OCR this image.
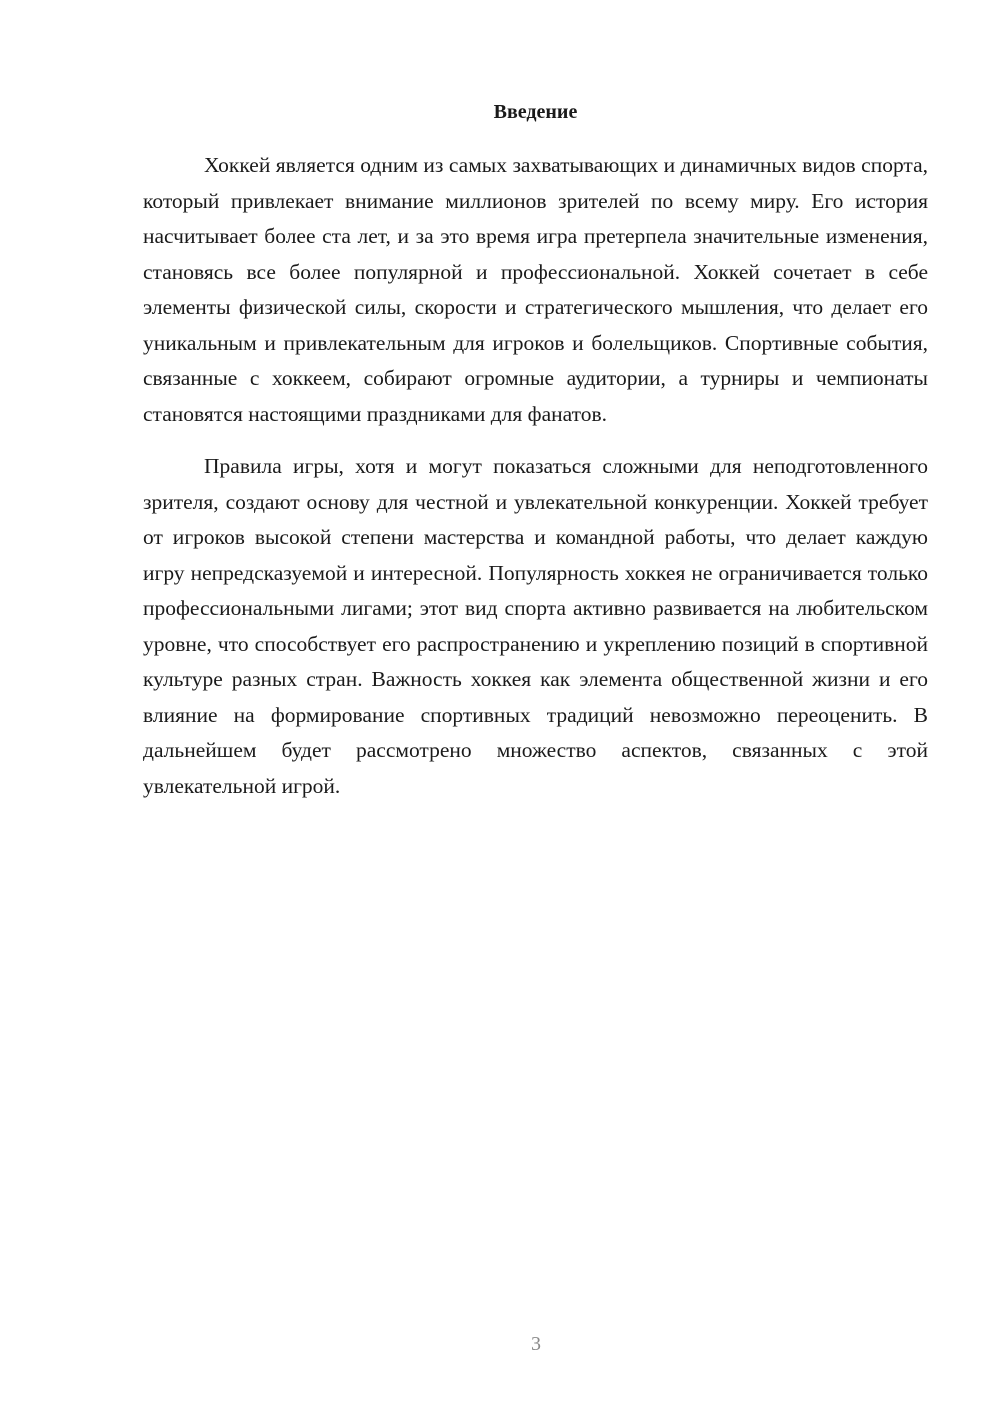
Введение

Хоккей является одним из самых захватывающих и динамичных видов спорта, который привлекает внимание миллионов зрителей по всему миру. Его история насчитывает более ста лет, и за это время игра претерпела значительные изменения, становясь все более популярной и профессиональной. Хоккей сочетает в себе элементы физической силы, скорости и стратегического мышления, что делает его уникальным и привлекательным для игроков и болельщиков. Спортивные события, связанные с хоккеем, собирают огромные аудитории, а турниры и чемпионаты становятся настоящими праздниками для фанатов.

Правила игры, хотя и могут показаться сложными для неподготовленного зрителя, создают основу для честной и увлекательной конкуренции. Хоккей требует от игроков высокой степени мастерства и командной работы, что делает каждую игру непредсказуемой и интересной. Популярность хоккея не ограничивается только профессиональными лигами; этот вид спорта активно развивается на любительском уровне, что способствует его распространению и укреплению позиций в спортивной культуре разных стран. Важность хоккея как элемента общественной жизни и его влияние на формирование спортивных традиций невозможно переоценить. В дальнейшем будет рассмотрено множество аспектов, связанных с этой увлекательной игрой.

3
